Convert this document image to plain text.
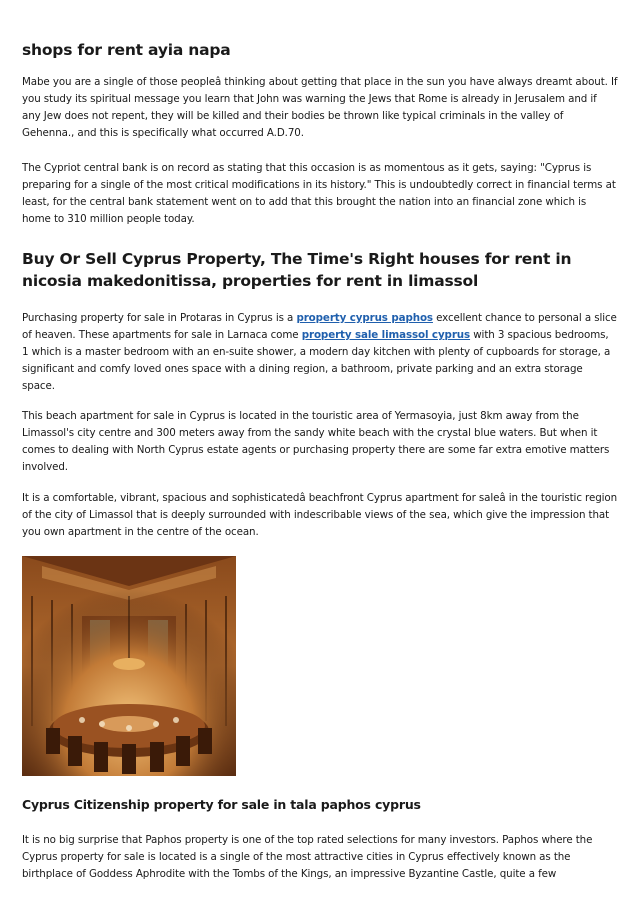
shops for rent ayia napa

Mabe you are a single of those peopleâ thinking about getting that place in the sun you have always dreamt about. If you study its spiritual message you learn that John was warning the Jews that Rome is already in Jerusalem and if any Jew does not repent, they will be killed and their bodies be thrown like typical criminals in the valley of Gehenna., and this is specifically what occurred A.D.70.

The Cypriot central bank is on record as stating that this occasion is as momentous as it gets, saying: "Cyprus is preparing for a single of the most critical modifications in its history." This is undoubtedly correct in financial terms at least, for the central bank statement went on to add that this brought the nation into an financial zone which is home to 310 million people today.

Buy Or Sell Cyprus Property, The Time's Right houses for rent in nicosia makedonitissa, properties for rent in limassol

Purchasing property for sale in Protaras in Cyprus is a property cyprus paphos excellent chance to personal a slice of heaven. These apartments for sale in Larnaca come property sale limassol cyprus with 3 spacious bedrooms, 1 which is a master bedroom with an en-suite shower, a modern day kitchen with plenty of cupboards for storage, a significant and comfy loved ones space with a dining region, a bathroom, private parking and an extra storage space.

This beach apartment for sale in Cyprus is located in the touristic area of Yermasoyia, just 8km away from the Limassol's city centre and 300 meters away from the sandy white beach with the crystal blue waters. But when it comes to dealing with North Cyprus estate agents or purchasing property there are some far extra emotive matters involved.

It is a comfortable, vibrant, spacious and sophisticatedâ beachfront Cyprus apartment for saleâ in the touristic region of the city of Limassol that is deeply surrounded with indescribable views of the sea, which give the impression that you own apartment in the centre of the ocean.

Cyprus Citizenship property for sale in tala paphos cyprus

It is no big surprise that Paphos property is one of the top rated selections for many investors. Paphos where the Cyprus property for sale is located is a single of the most attractive cities in Cyprus effectively known as the birthplace of Goddess Aphrodite with the Tombs of the Kings, an impressive Byzantine Castle, quite a few
